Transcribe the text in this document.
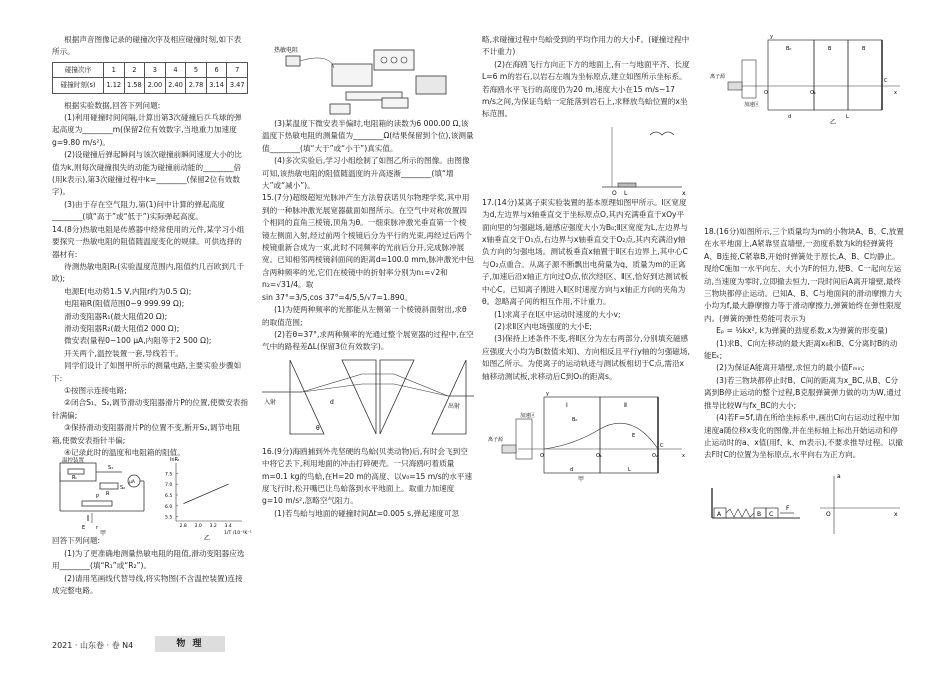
根据声音图像记录的碰撞次序及相应碰撞时刻,如下表所示。

碰撞次序	1	2	3	4	5	6	7
碰撞时刻(s)	1.12	1.58	2.00	2.40	2.78	3.14	3.47

根据实验数据,回答下列问题:

(1)利用碰撞时间间隔,计算出第3次碰撞后乒乓球的弹起高度为________m(保留2位有效数字,当地重力加速度g=9.80 m/s²)。

(2)设碰撞后弹起瞬间与该次碰撞前瞬间速度大小的比值为k,则每次碰撞损失的动能为碰撞前动能的________倍(用k表示),第3次碰撞过程中k=________(保留2位有效数字)。

(3)由于存在空气阻力,第(1)问中计算的弹起高度________(填“高于”或“低于”)实际弹起高度。

14.(8分)热敏电阻是传感器中经常使用的元件,某学习小组要探究一热敏电阻的阻值随温度变化的规律。可供选择的器材有:

待测热敏电阻Rₜ(实验温度范围内,阻值约几百欧到几千欧);

电源E(电动势1.5 V,内阻r约为0.5 Ω);

电阻箱R(阻值范围0~9 999.99 Ω);

滑动变阻器R₁(最大阻值20 Ω);

滑动变阻器R₂(最大阻值2 000 Ω);

微安表(量程0~100 μA,内阻等于2 500 Ω);

开关两个,温控装置一套,导线若干。

同学们设计了如图甲所示的测量电路,主要实验步骤如下:

①按图示连接电路;

②闭合S₁、S₂,调节滑动变阻器滑片P的位置,使微安表指针满偏;

③保持滑动变阻器滑片P的位置不变,断开S₂,调节电阻箱,使微安表指针半偏;

④记录此时的温度和电阻箱的阻值。

温控装置
Rₜ
S₁
R
S₂
μA
P
E r
甲
lnRₜ
1/T /10⁻³K⁻¹
7.5
7.0
6.5
6.0
5.5
2.8 3.0 3.2 3.4
乙

回答下列问题:

(1)为了更准确地测量热敏电阻的阻值,滑动变阻器应选用________(填“R₁”或“R₂”)。

(2)请用笔画线代替导线,将实物图(不含温控装置)连接成完整电路。

热敏电阻

(3)某温度下微安表半偏时,电阻箱的读数为6 000.00 Ω,该温度下热敏电阻的测量值为________Ω(结果保留到个位),该测量值________(填“大于”或“小于”)真实值。

(4)多次实验后,学习小组绘制了如图乙所示的图像。由图像可知,该热敏电阻的阻值随温度的升高逐渐________(填“增大”或“减小”)。

15.(7分)超级超短光脉冲产生方法曾获诺贝尔物理学奖,其中用到的一种脉冲激光展宽器截面如图所示。在空气中对称放置四个相同的直角三棱镜,顶角为θ。一细束脉冲激光垂直第一个棱镜左侧面入射,经过前两个棱镜后分为平行的光束,再经过后两个棱镜重新合成为一束,此时不同频率的光前后分开,完成脉冲展宽。已知相邻两棱镜斜面间的距离d=100.0 mm,脉冲激光中包含两种频率的光,它们在棱镜中的折射率分别为n₁=√2和n₂=√31/4。取

sin 37°=3/5,cos 37°=4/5,5/√7=1.890。

(1)为使两种频率的光都能从左侧第一个棱镜斜面射出,求θ的取值范围;

(2)若θ=37°,求两种频率的光通过整个展宽器的过程中,在空气中的路程差ΔL(保留3位有效数字)。

入射
出射
d
θ

16.(9分)海鸥捕到外壳坚硬的鸟蛤(贝类动物)后,有时会飞到空中将它丢下,利用地面的冲击打碎硬壳。一只海鸥叼着质量m=0.1 kg的鸟蛤,在H=20 m的高度、以v₀=15 m/s的水平速度飞行时,松开嘴巴让鸟蛤落到水平地面上。取重力加速度g=10 m/s²,忽略空气阻力。

(1)若鸟蛤与地面的碰撞时间Δt=0.005 s,弹起速度可忽

略,求碰撞过程中鸟蛤受到的平均作用力的大小F。(碰撞过程中不计重力)

(2)在海鸥飞行方向正下方的地面上,有一与地面平齐、长度L=6 m的岩石,以岩石左端为坐标原点,建立如图所示坐标系。若海鸥水平飞行的高度仍为20 m,速度大小在15 m/s~17 m/s之间,为保证鸟蛤一定能落到岩石上,求释放鸟蛤位置的x坐标范围。

O L	x

17.(14分)某离子束实验装置的基本原理如图甲所示。Ⅰ区宽度为d,左边界与x轴垂直交于坐标原点O,其内充满垂直于xOy平面向里的匀强磁场,磁感应强度大小为B₀;Ⅱ区宽度为L,左边界与x轴垂直交于O₁点,右边界与x轴垂直交于O₂点,其内充满沿y轴负方向的匀强电场。测试板垂直x轴置于Ⅱ区右边界上,其中心C与O₂点重合。从离子源不断飘出电荷量为q、质量为m的正离子,加速后沿x轴正方向过O点,依次经Ⅰ区、Ⅱ区,恰好到达测试板中心C。已知离子刚进入Ⅱ区时速度方向与x轴正方向的夹角为θ。忽略离子间的相互作用,不计重力。

(1)求离子在Ⅰ区中运动时速度的大小v;

(2)求Ⅱ区内电场强度的大小E;

(3)保持上述条件不变,将Ⅱ区分为左右两部分,分别填充磁感应强度大小均为B(数值未知)、方向相反且平行y轴的匀强磁场,如图乙所示。为使离子的运动轨迹与测试板相切于C点,需沿x轴移动测试板,求移动后C到O₁的距离s。

离子源
加速区
Ⅰ	Ⅱ
B₀
E
C
O	O₁	O₂	x
y
d	L
甲
离子源
加速区
B₀	B	B
C
O	O₁	x
y
d	L
乙

18.(16分)如图所示,三个质量均为m的小物块A、B、C,放置在水平地面上,A紧靠竖直墙壁,一劲度系数为k的轻弹簧将A、B连接,C紧靠B,开始时弹簧处于原长,A、B、C均静止。现给C施加一水平向左、大小为F的恒力,使B、C一起向左运动,当速度为零时,立即撤去恒力,一段时间后A离开墙壁,最终三物块都停止运动。已知A、B、C与地面间的滑动摩擦力大小均为f,最大静摩擦力等于滑动摩擦力,弹簧始终在弹性限度内。(弹簧的弹性势能可表示为

Eₚ = ½kx², k为弹簧的劲度系数,x为弹簧的形变量)

(1)求B、C向左移动的最大距离x₀和B、C分离时B的动能Eₖ;

(2)为保证A能离开墙壁,求恒力的最小值Fₘᵢₙ;

(3)若三物块都停止时B、C间的距离为x_BC,从B、C分离到B停止运动的整个过程,B克服弹簧弹力做的功为W,通过推导比较W与fx_BC的大小;

(4)若F=5f,请在所给坐标系中,画出C向右运动过程中加速度a随位移x变化的图像,并在坐标轴上标出开始运动和停止运动时的a、x值(用f、k、m表示),不要求推导过程。以撤去F时C的位置为坐标原点,水平向右为正方向。

A	B C
F
a
O	x
2021 · 山东卷 · 卷 N4	物 理
